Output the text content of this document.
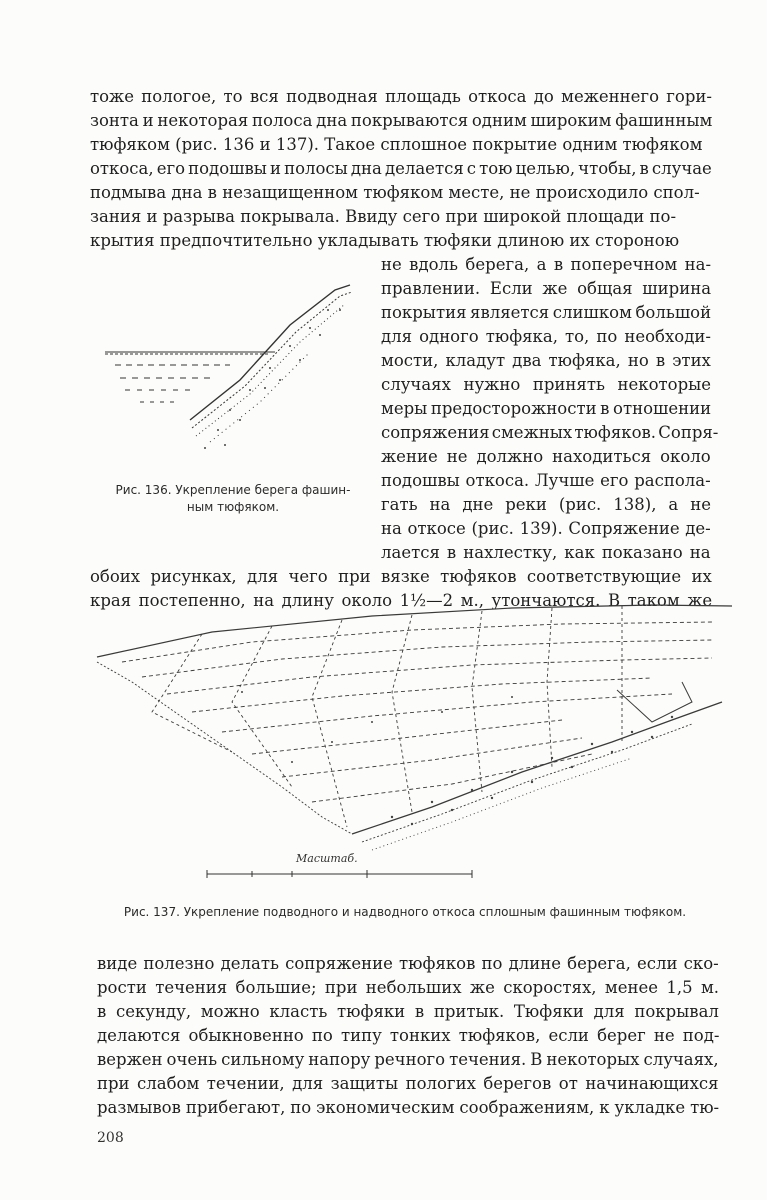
тоже пологое, то вся подводная площадь откоса до меженнего гори-
зонта и некоторая полоса дна покрываются одним широким фашинным
тюфяком (рис. 136 и 137). Такое сплошное покрытие одним тюфяком
откоса, его подошвы и полосы дна делается с тою целью, чтобы, в случае
подмыва дна в незащищенном тюфяком месте, не происходило спол-
зания и разрыва покрывала. Ввиду сего при широкой площади по-
крытия предпочтительно укладывать тюфяки длиною их стороною
Рис. 136. Укрепление берега фашин-
ным тюфяком.
не вдоль берега, а в поперечном на-
правлении. Если же общая ширина
покрытия является слишком большой
для одного тюфяка, то, по необходи-
мости, кладут два тюфяка, но в этих
случаях нужно принять некоторые
меры предосторожности в отношении
сопряжения смежных тюфяков. Сопря-
жение не должно находиться около
подошвы откоса. Лучше его распола-
гать на дне реки (рис. 138), а не
на откосе (рис. 139). Сопряжение де-
лается в нахлестку, как показано на
обоих рисунках, для чего при вязке тюфяков соответствующие их
края постепенно, на длину около 1½—2 м., утончаются. В таком же
Масштаб.
Рис. 137. Укрепление подводного и надводного откоса сплошным фашинным тюфяком.
виде полезно делать сопряжение тюфяков по длине берега, если ско-
рости течения большие; при небольших же скоростях, менее 1,5 м.
в секунду, можно класть тюфяки в притык. Тюфяки для покрывал
делаются обыкновенно по типу тонких тюфяков, если берег не под-
вержен очень сильному напору речного течения. В некоторых случаях,
при слабом течении, для защиты пологих берегов от начинающихся
размывов прибегают, по экономическим соображениям, к укладке тю-
208
